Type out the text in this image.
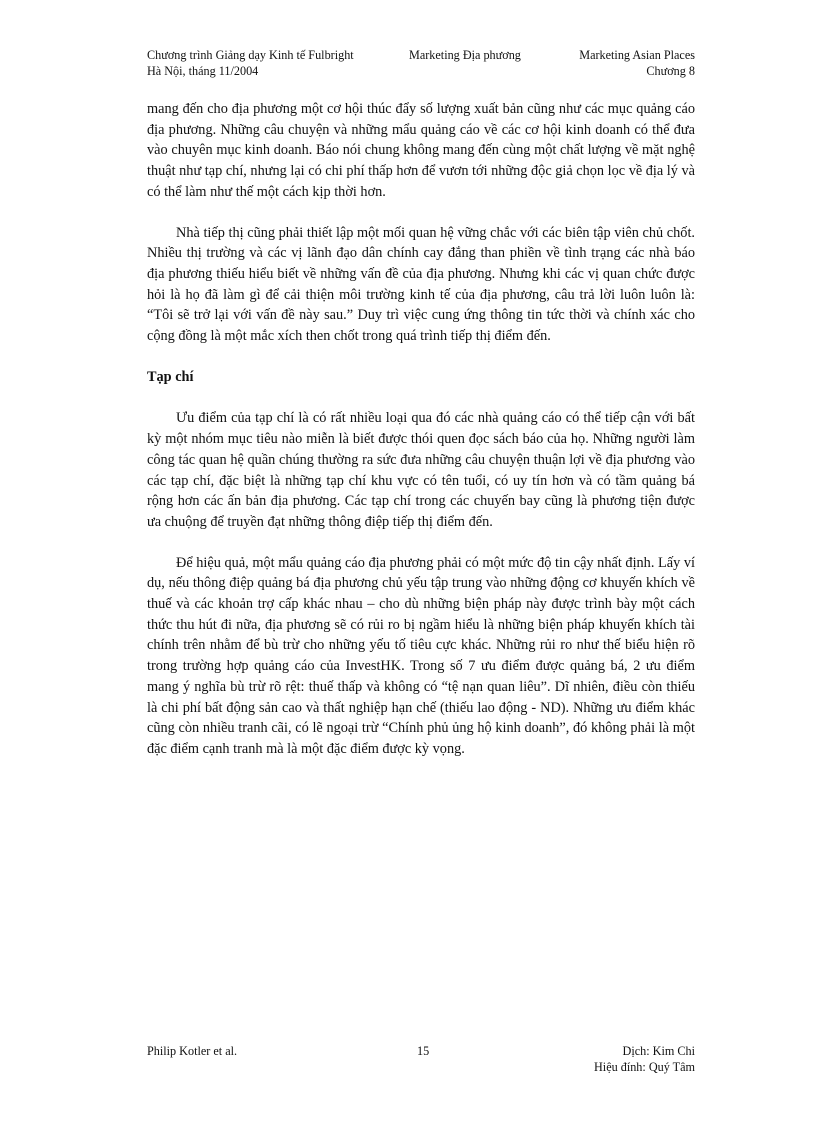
Chương trình Giảng dạy Kinh tế Fulbright
Hà Nội, tháng 11/2004
Marketing Địa phương	Marketing Asian Places
Chương 8

mang đến cho địa phương một cơ hội thúc đẩy số lượng xuất bản cũng như các mục quảng cáo địa phương. Những câu chuyện và những mẩu quảng cáo về các cơ hội kinh doanh có thể đưa vào chuyên mục kinh doanh. Báo nói chung không mang đến cùng một chất lượng về mặt nghệ thuật như tạp chí, nhưng lại có chi phí thấp hơn để vươn tới những độc giả chọn lọc về địa lý và có thể làm như thế một cách kịp thời hơn.

Nhà tiếp thị cũng phải thiết lập một mối quan hệ vững chắc với các biên tập viên chủ chốt. Nhiều thị trường và các vị lãnh đạo dân chính cay đắng than phiền về tình trạng các nhà báo địa phương thiếu hiểu biết về những vấn đề của địa phương. Nhưng khi các vị quan chức được hỏi là họ đã làm gì để cải thiện môi trường kinh tế của địa phương, câu trả lời luôn luôn là: “Tôi sẽ trở lại với vấn đề này sau.” Duy trì việc cung ứng thông tin tức thời và chính xác cho cộng đồng là một mắc xích then chốt trong quá trình tiếp thị điểm đến.

Tạp chí

Ưu điểm của tạp chí là có rất nhiều loại qua đó các nhà quảng cáo có thể tiếp cận với bất kỳ một nhóm mục tiêu nào miễn là biết được thói quen đọc sách báo của họ. Những người làm công tác quan hệ quần chúng thường ra sức đưa những câu chuyện thuận lợi về địa phương vào các tạp chí, đặc biệt là những tạp chí khu vực có tên tuổi, có uy tín hơn và có tầm quảng bá rộng hơn các ấn bản địa phương. Các tạp chí trong các chuyến bay cũng là phương tiện được ưa chuộng để truyền đạt những thông điệp tiếp thị điểm đến.

Để hiệu quả, một mẩu quảng cáo địa phương phải có một mức độ tin cậy nhất định. Lấy ví dụ, nếu thông điệp quảng bá địa phương chủ yếu tập trung vào những động cơ khuyến khích về thuế và các khoản trợ cấp khác nhau – cho dù những biện pháp này được trình bày một cách thức thu hút đi nữa, địa phương sẽ có rủi ro bị ngầm hiểu là những biện pháp khuyến khích tài chính trên nhằm để bù trừ cho những yếu tố tiêu cực khác. Những rủi ro như thế biểu hiện rõ trong trường hợp quảng cáo của InvestHK. Trong số 7 ưu điểm được quảng bá, 2 ưu điểm mang ý nghĩa bù trừ rõ rệt: thuế thấp và không có “tệ nạn quan liêu”. Dĩ nhiên, điều còn thiếu là chi phí bất động sản cao và thất nghiệp hạn chế (thiếu lao động - ND). Những ưu điểm khác cũng còn nhiều tranh cãi, có lẽ ngoại trừ “Chính phủ ủng hộ kinh doanh”, đó không phải là một đặc điểm cạnh tranh mà là một đặc điểm được kỳ vọng.

Philip Kotler et al.	15	Dịch: Kim Chi
Hiệu đính: Quý Tâm
